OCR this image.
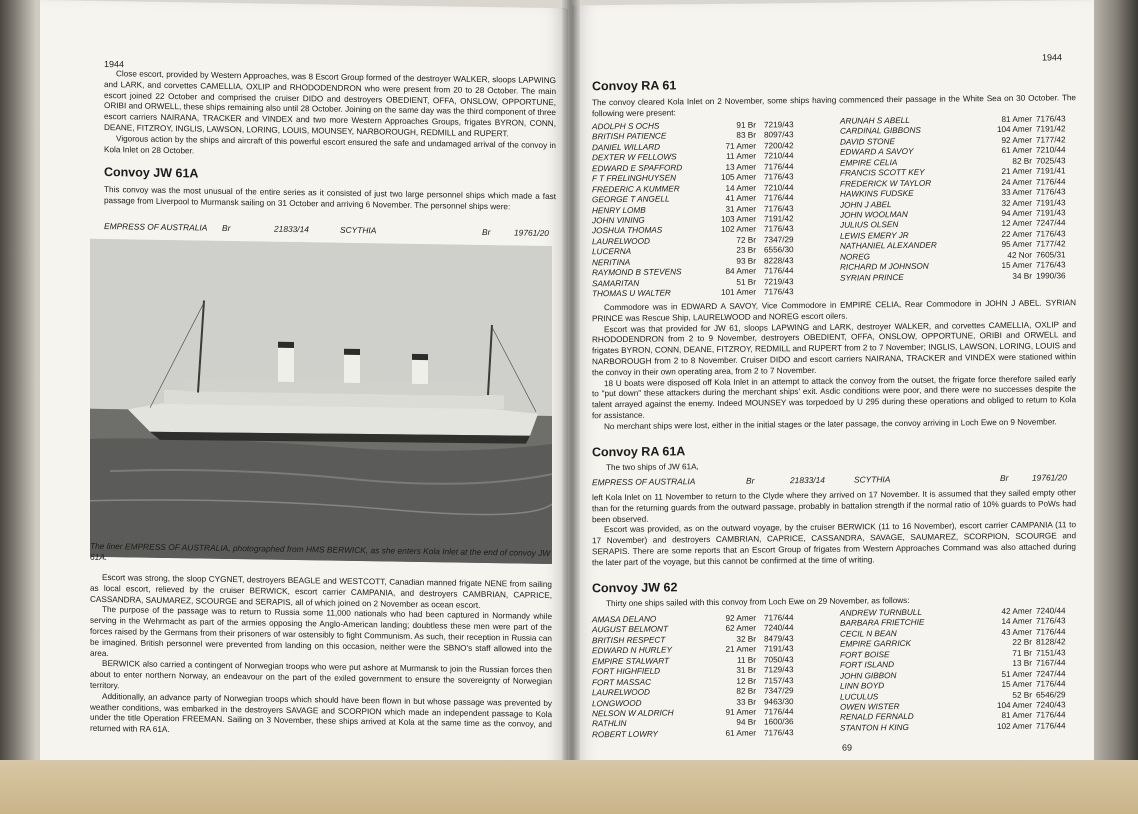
1944

Close escort, provided by Western Approaches, was 8 Escort Group formed of the destroyer WALKER, sloops LAPWING and LARK, and corvettes CAMELLIA, OXLIP and RHODODENDRON who were present from 20 to 28 October. The main escort joined 22 October and comprised the cruiser DIDO and destroyers OBEDIENT, OFFA, ONSLOW, OPPORTUNE, ORIBI and ORWELL, these ships remaining also until 28 October. Joining on the same day was the third component of three escort carriers NAIRANA, TRACKER and VINDEX and two more Western Approaches Groups, frigates BYRON, CONN, DEANE, FITZROY, INGLIS, LAWSON, LORING, LOUIS, MOUNSEY, NARBOROUGH, REDMILL and RUPERT.

Vigorous action by the ships and aircraft of this powerful escort ensured the safe and undamaged arrival of the convoy in Kola Inlet on 28 October.

Convoy JW 61A
This convoy was the most unusual of the entire series as it consisted of just two large personnel ships which made a fast passage from Liverpool to Murmansk sailing on 31 October and arriving 6 November. The personnel ships were:
EMPRESS OF AUSTRALIA Br	21833/14	SCYTHIA	Br	19761/20
The liner EMPRESS OF AUSTRALIA, photographed from HMS BERWICK, as she enters Kola Inlet at the end of convoy JW 61A.

Escort was strong, the sloop CYGNET, destroyers BEAGLE and WESTCOTT, Canadian manned frigate NENE from sailing as local escort, relieved by the cruiser BERWICK, escort carrier CAMPANIA, and destroyers CAMBRIAN, CAPRICE, CASSANDRA, SAUMAREZ, SCOURGE and SERAPIS, all of which joined on 2 November as ocean escort.

The purpose of the passage was to return to Russia some 11,000 nationals who had been captured in Normandy while serving in the Wehrmacht as part of the armies opposing the Anglo-American landing; doubtless these men were part of the forces raised by the Germans from their prisoners of war ostensibly to fight Communism. As such, their reception in Russia can be imagined. British personnel were prevented from landing on this occasion, neither were the SBNO's staff allowed into the area.

BERWICK also carried a contingent of Norwegian troops who were put ashore at Murmansk to join the Russian forces then about to enter northern Norway, an endeavour on the part of the exiled government to ensure the sovereignty of Norwegian territory.

Additionally, an advance party of Norwegian troops which should have been flown in but whose passage was prevented by weather conditions, was embarked in the destroyers SAVAGE and SCORPION which made an independent passage to Kola under the title Operation FREEMAN. Sailing on 3 November, these ships arrived at Kola at the same time as the convoy, and returned with RA 61A.

1944
Convoy RA 61
The convoy cleared Kola Inlet on 2 November, some ships having commenced their passage in the White Sea on 30 October. The following were present:
ADOLPH S OCHS	91 Br 7219/43
BRITISH PATIENCE	83 Br 8097/43
DANIEL WILLARD	71 Amer 7200/42
DEXTER W FELLOWS	11 Amer 7210/44
EDWARD E SPAFFORD	13 Amer 7176/44
F T FRELINGHUYSEN	105 Amer 7176/43
FREDERIC A KUMMER	14 Amer 7210/44
GEORGE T ANGELL	41 Amer 7176/44
HENRY LOMB	31 Amer 7176/43
JOHN VINING	103 Amer 7191/42
JOSHUA THOMAS	102 Amer 7176/43
LAURELWOOD	72 Br 7347/29
LUCERNA	23 Br 6556/30
NERITINA	93 Br 8228/43
RAYMOND B STEVENS	84 Amer 7176/44
SAMARITAN	51 Br 7219/43
THOMAS U WALTER	101 Amer 7176/43
ARUNAH S ABELL	81 Amer 7176/43
CARDINAL GIBBONS	104 Amer 7191/42
DAVID STONE	92 Amer 7177/42
EDWARD A SAVOY	61 Amer 7210/44
EMPIRE CELIA	82 Br 7025/43
FRANCIS SCOTT KEY	21 Amer 7191/41
FREDERICK W TAYLOR	24 Amer 7176/44
HAWKINS FUDSKE	33 Amer 7176/43
JOHN J ABEL	32 Amer 7191/43
JOHN WOOLMAN	94 Amer 7191/43
JULIUS OLSEN	12 Amer 7247/44
LEWIS EMERY JR	22 Amer 7176/43
NATHANIEL ALEXANDER	95 Amer 7177/42
NOREG	42 Nor 7605/31
RICHARD M JOHNSON	15 Amer 7176/43
SYRIAN PRINCE	34 Br 1990/36

Commodore was in EDWARD A SAVOY, Vice Commodore in EMPIRE CELIA, Rear Commodore in JOHN J ABEL. SYRIAN PRINCE was Rescue Ship, LAURELWOOD and NOREG escort oilers.

Escort was that provided for JW 61, sloops LAPWING and LARK, destroyer WALKER, and corvettes CAMELLIA, OXLIP and RHODODENDRON from 2 to 9 November, destroyers OBEDIENT, OFFA, ONSLOW, OPPORTUNE, ORIBI and ORWELL and frigates BYRON, CONN, DEANE, FITZROY, REDMILL and RUPERT from 2 to 7 November; INGLIS, LAWSON, LORING, LOUIS and NARBOROUGH from 2 to 8 November. Cruiser DIDO and escort carriers NAIRANA, TRACKER and VINDEX were stationed within the convoy in their own operating area, from 2 to 7 November.

18 U boats were disposed off Kola Inlet in an attempt to attack the convoy from the outset, the frigate force therefore sailed early to "put down" these attackers during the merchant ships' exit. Asdic conditions were poor, and there were no successes despite the talent arrayed against the enemy. Indeed MOUNSEY was torpedoed by U 295 during these operations and obliged to return to Kola for assistance.

No merchant ships were lost, either in the initial stages or the later passage, the convoy arriving in Loch Ewe on 9 November.

Convoy RA 61A
The two ships of JW 61A,
EMPRESS OF AUSTRALIA	Br	21833/14	SCYTHIA	Br	19761/20

left Kola Inlet on 11 November to return to the Clyde where they arrived on 17 November. It is assumed that they sailed empty other than for the returning guards from the outward passage, probably in battalion strength if the normal ratio of 10% guards to PoWs had been observed.

Escort was provided, as on the outward voyage, by the cruiser BERWICK (11 to 16 November), escort carrier CAMPANIA (11 to 17 November) and destroyers CAMBRIAN, CAPRICE, CASSANDRA, SAVAGE, SAUMAREZ, SCORPION, SCOURGE and SERAPIS. There are some reports that an Escort Group of frigates from Western Approaches Command was also attached during the later part of the voyage, but this cannot be confirmed at the time of writing.

Convoy JW 62
Thirty one ships sailed with this convoy from Loch Ewe on 29 November, as follows:
AMASA DELANO	92 Amer 7176/44
AUGUST BELMONT	62 Amer 7240/44
BRITISH RESPECT	32 Br 8479/43
EDWARD N HURLEY	21 Amer 7191/43
EMPIRE STALWART	11 Br 7050/43
FORT HIGHFIELD	31 Br 7129/43
FORT MASSAC	12 Br 7157/43
LAURELWOOD	82 Br 7347/29
LONGWOOD	33 Br 9463/30
NELSON W ALDRICH	91 Amer 7176/44
RATHLIN	94 Br 1600/36
ROBERT LOWRY	61 Amer 7176/43
ANDREW TURNBULL	42 Amer 7240/44
BARBARA FRIETCHIE	14 Amer 7176/43
CECIL N BEAN	43 Amer 7176/44
EMPIRE GARRICK	22 Br 8128/42
FORT BOISE	71 Br 7151/43
FORT ISLAND	13 Br 7167/44
JOHN GIBBON	51 Amer 7247/44
LINN BOYD	15 Amer 7176/44
LUCULUS	52 Br 6546/29
OWEN WISTER	104 Amer 7240/43
RENALD FERNALD	81 Amer 7176/44
STANTON H KING	102 Amer 7176/44
69
